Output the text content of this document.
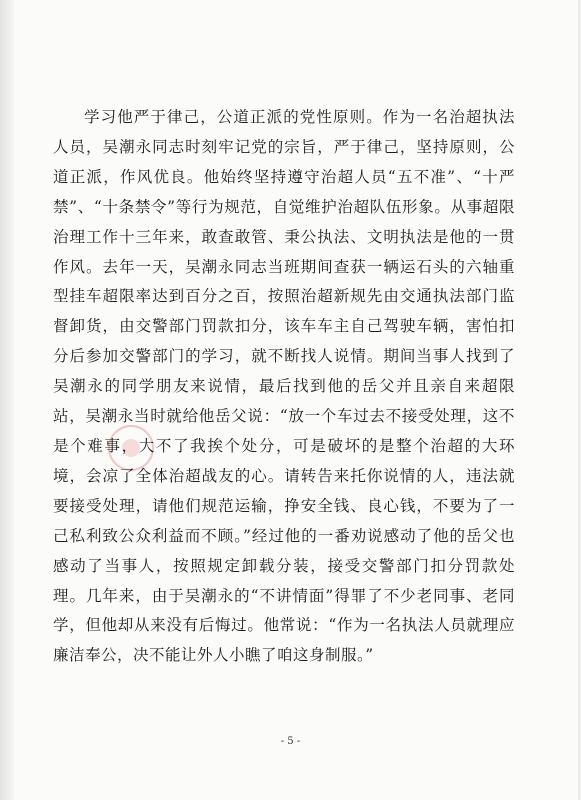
学习他严于律己，公道正派的党性原则。作为一名治超执法人员，吴潮永同志时刻牢记党的宗旨，严于律己，坚持原则，公道正派，作风优良。他始终坚持遵守治超人员“五不准”、“十严禁”、“十条禁令”等行为规范，自觉维护治超队伍形象。从事超限治理工作十三年来，敢查敢管、秉公执法、文明执法是他的一贯作风。去年一天，吴潮永同志当班期间查获一辆运石头的六轴重型挂车超限率达到百分之百，按照治超新规先由交通执法部门监督卸货，由交警部门罚款扣分，该车车主自己驾驶车辆，害怕扣分后参加交警部门的学习，就不断找人说情。期间当事人找到了吴潮永的同学朋友来说情，最后找到他的岳父并且亲自来超限站，吴潮永当时就给他岳父说：“放一个车过去不接受处理，这不是个难事，大不了我挨个处分，可是破坏的是整个治超的大环境，会凉了全体治超战友的心。请转告来托你说情的人，违法就要接受处理，请他们规范运输，挣安全钱、良心钱，不要为了一己私利致公众利益而不顾。”经过他的一番劝说感动了他的岳父也感动了当事人，按照规定卸载分装，接受交警部门扣分罚款处理。几年来，由于吴潮永的“不讲情面”得罪了不少老同事、老同学，但他却从来没有后悔过。他常说：“作为一名执法人员就理应廉洁奉公，决不能让外人小瞧了咱这身制服。”

- 5 -
